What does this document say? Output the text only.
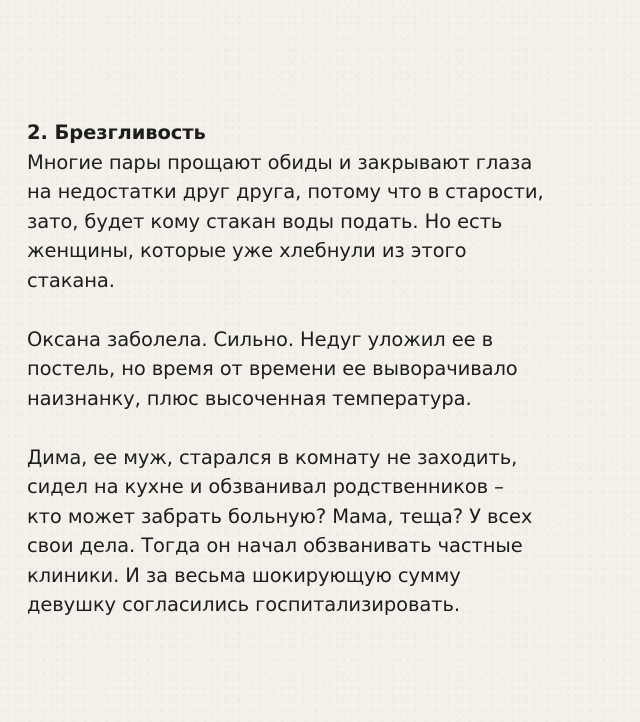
2. Брезгливость
Многие пары прощают обиды и закрывают глаза
на недостатки друг друга, потому что в старости,
зато, будет кому стакан воды подать. Но есть
женщины, которые уже хлебнули из этого
стакана.
Оксана заболела. Сильно. Недуг уложил ее в
постель, но время от времени ее выворачивало
наизнанку, плюс высоченная температура.
Дима, ее муж, старался в комнату не заходить,
сидел на кухне и обзванивал родственников –
кто может забрать больную? Мама, теща? У всех
свои дела. Тогда он начал обзванивать частные
клиники. И за весьма шокирующую сумму
девушку согласились госпитализировать.
